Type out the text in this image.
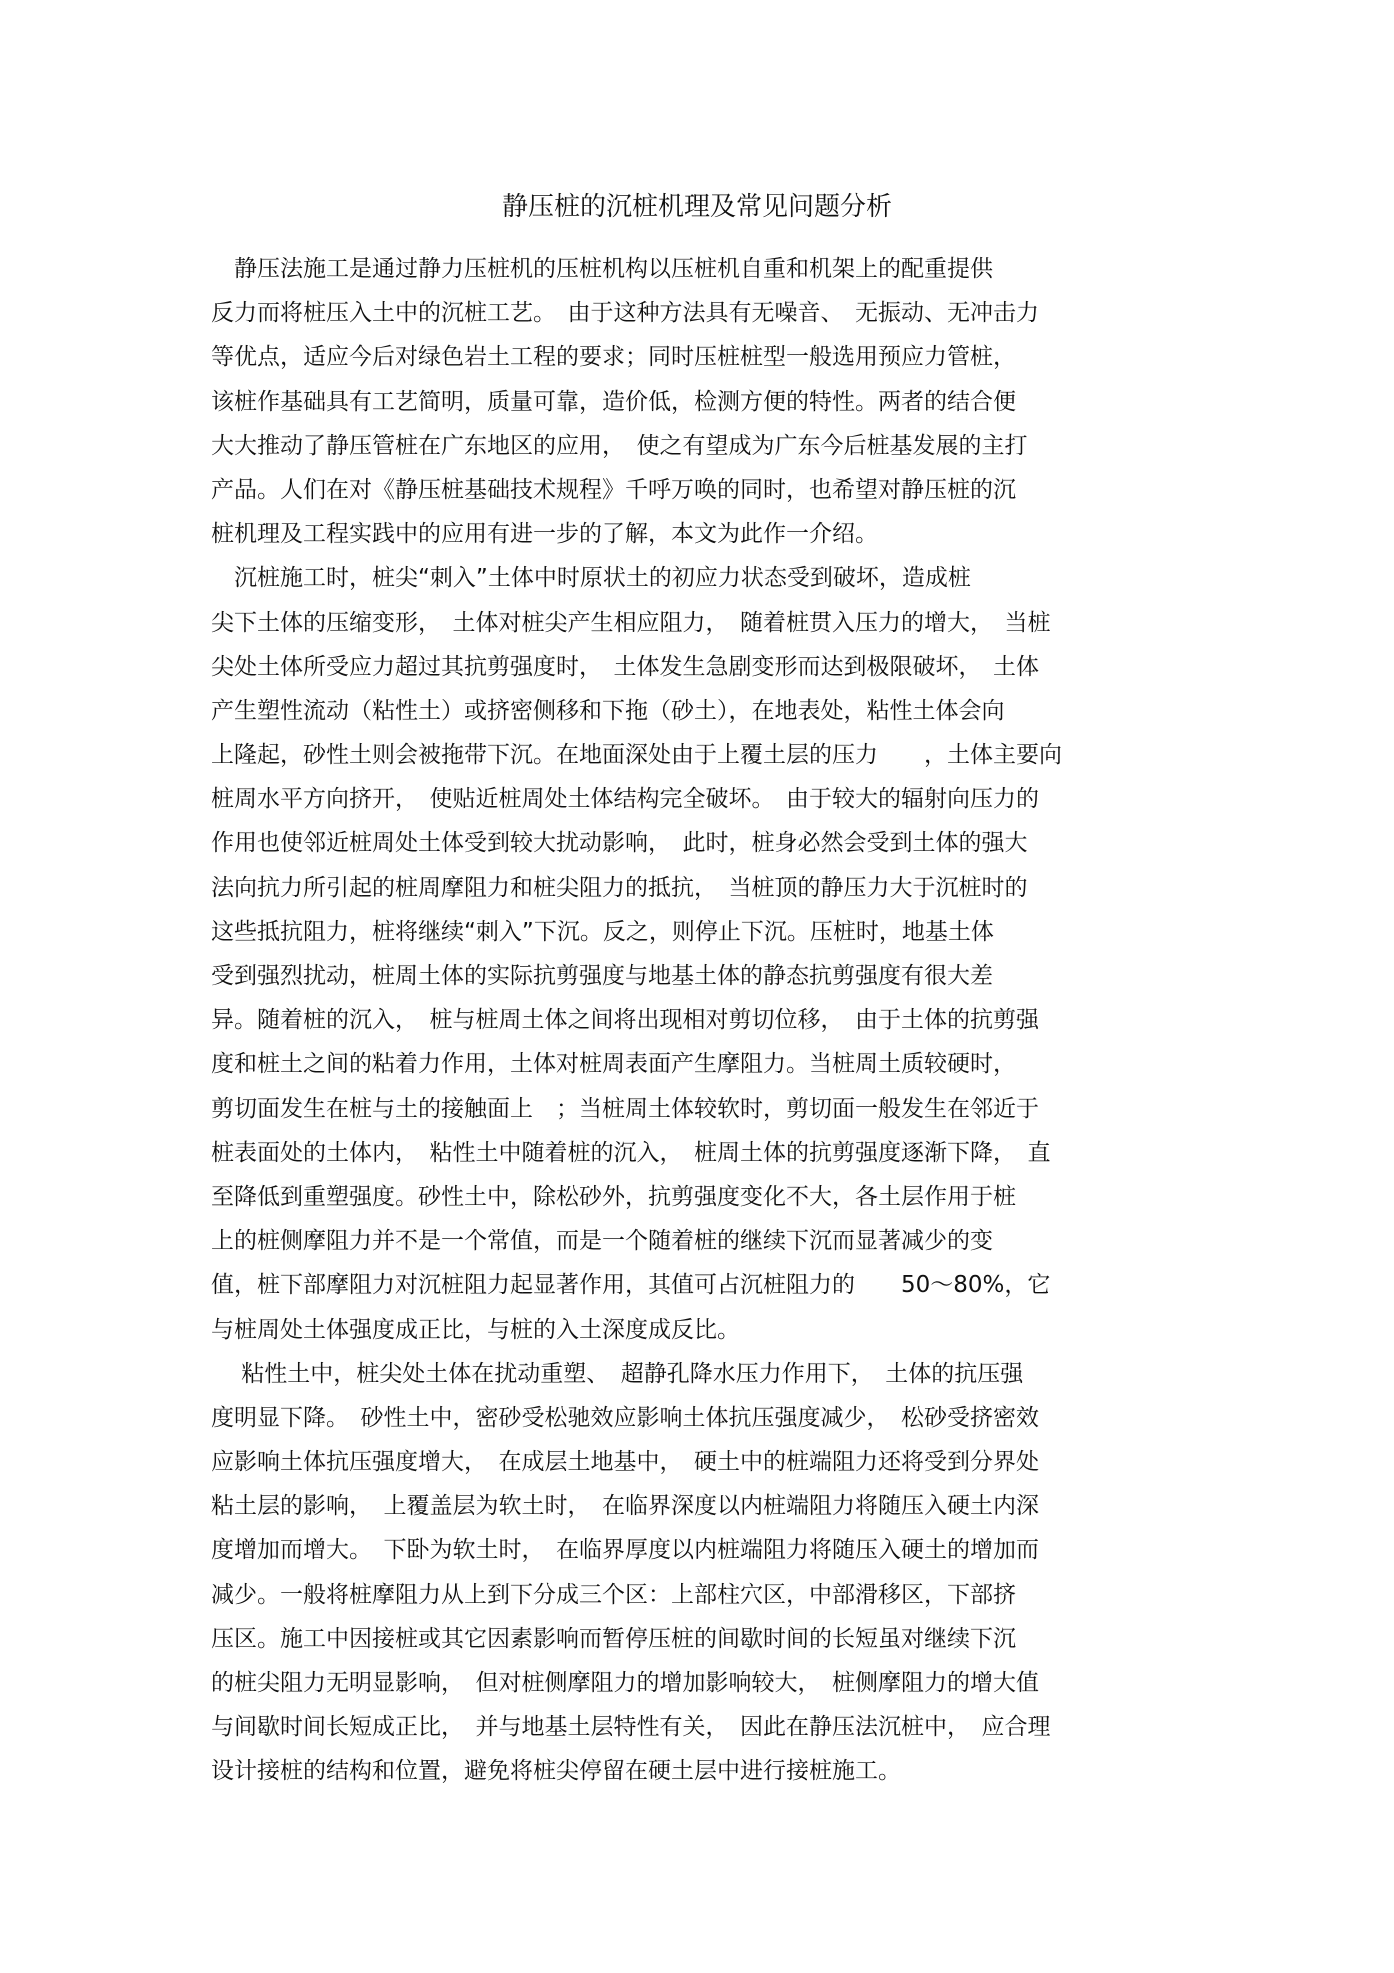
静压桩的沉桩机理及常见问题分析
　静压法施工是通过静力压桩机的压桩机构以压桩机自重和机架上的配重提供
反力而将桩压入土中的沉桩工艺。　由于这种方法具有无噪音、　无振动、无冲击力
等优点，适应今后对绿色岩土工程的要求；同时压桩桩型一般选用预应力管桩，
该桩作基础具有工艺简明，质量可靠，造价低，检测方便的特性。两者的结合便
大大推动了静压管桩在广东地区的应用，　使之有望成为广东今后桩基发展的主打
产品。人们在对《静压桩基础技术规程》千呼万唤的同时，也希望对静压桩的沉
桩机理及工程实践中的应用有进一步的了解，本文为此作一介绍。
　沉桩施工时，桩尖“刺入”土体中时原状土的初应力状态受到破坏，造成桩
尖下土体的压缩变形，　土体对桩尖产生相应阻力，　随着桩贯入压力的增大，　当桩
尖处土体所受应力超过其抗剪强度时，　土体发生急剧变形而达到极限破坏，　土体
产生塑性流动（粘性土）或挤密侧移和下拖（砂土），在地表处，粘性土体会向
上隆起，砂性土则会被拖带下沉。在地面深处由于上覆土层的压力　　，土体主要向
桩周水平方向挤开，　使贴近桩周处土体结构完全破坏。　由于较大的辐射向压力的
作用也使邻近桩周处土体受到较大扰动影响，　此时，桩身必然会受到土体的强大
法向抗力所引起的桩周摩阻力和桩尖阻力的抵抗，　当桩顶的静压力大于沉桩时的
这些抵抗阻力，桩将继续“刺入”下沉。反之，则停止下沉。压桩时，地基土体
受到强烈扰动，桩周土体的实际抗剪强度与地基土体的静态抗剪强度有很大差
异。随着桩的沉入，　桩与桩周土体之间将出现相对剪切位移，　由于土体的抗剪强
度和桩土之间的粘着力作用，土体对桩周表面产生摩阻力。当桩周土质较硬时，
剪切面发生在桩与土的接触面上　；当桩周土体较软时，剪切面一般发生在邻近于
桩表面处的土体内，　粘性土中随着桩的沉入，　桩周土体的抗剪强度逐渐下降，　直
至降低到重塑强度。砂性土中，除松砂外，抗剪强度变化不大，各土层作用于桩
上的桩侧摩阻力并不是一个常值，而是一个随着桩的继续下沉而显著减少的变
值，桩下部摩阻力对沉桩阻力起显著作用，其值可占沉桩阻力的　　50～80%，它
与桩周处土体强度成正比，与桩的入土深度成反比。
　 粘性土中，桩尖处土体在扰动重塑、　超静孔降水压力作用下，　土体的抗压强
度明显下降。　砂性土中，密砂受松驰效应影响土体抗压强度减少，　松砂受挤密效
应影响土体抗压强度增大，　在成层土地基中，　硬土中的桩端阻力还将受到分界处
粘土层的影响，　上覆盖层为软土时，　在临界深度以内桩端阻力将随压入硬土内深
度增加而增大。　下卧为软土时，　在临界厚度以内桩端阻力将随压入硬土的增加而
减少。一般将桩摩阻力从上到下分成三个区：上部柱穴区，中部滑移区，下部挤
压区。施工中因接桩或其它因素影响而暂停压桩的间歇时间的长短虽对继续下沉
的桩尖阻力无明显影响，　但对桩侧摩阻力的增加影响较大，　桩侧摩阻力的增大值
与间歇时间长短成正比，　并与地基土层特性有关，　因此在静压法沉桩中，　应合理
设计接桩的结构和位置，避免将桩尖停留在硬土层中进行接桩施工。
